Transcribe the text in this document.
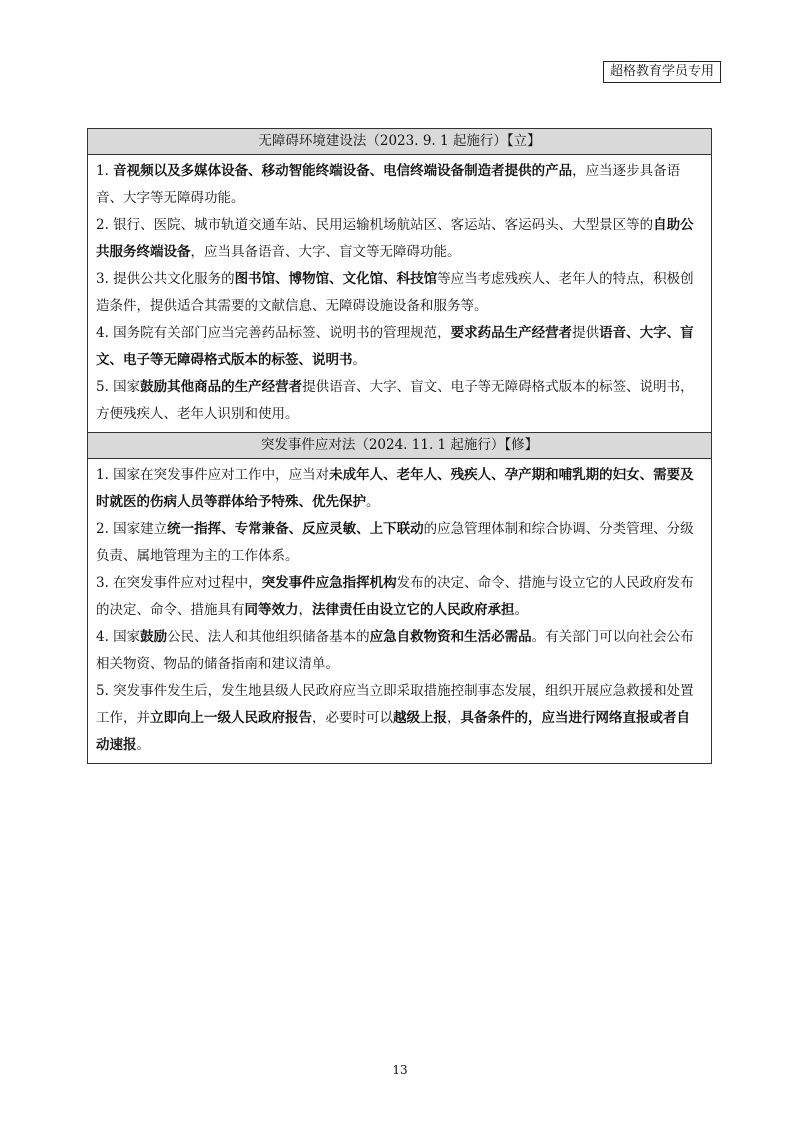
超格教育学员专用
无障碍环境建设法（2023. 9. 1 起施行）【立】

1. 音视频以及多媒体设备、移动智能终端设备、电信终端设备制造者提供的产品，应当逐步具备语音、大字等无障碍功能。

2. 银行、医院、城市轨道交通车站、民用运输机场航站区、客运站、客运码头、大型景区等的自助公共服务终端设备，应当具备语音、大字、盲文等无障碍功能。

3. 提供公共文化服务的图书馆、博物馆、文化馆、科技馆等应当考虑残疾人、老年人的特点，积极创造条件，提供适合其需要的文献信息、无障碍设施设备和服务等。

4. 国务院有关部门应当完善药品标签、说明书的管理规范，要求药品生产经营者提供语音、大字、盲文、电子等无障碍格式版本的标签、说明书。

5. 国家鼓励其他商品的生产经营者提供语音、大字、盲文、电子等无障碍格式版本的标签、说明书，方便残疾人、老年人识别和使用。

突发事件应对法（2024. 11. 1 起施行）【修】

1. 国家在突发事件应对工作中，应当对未成年人、老年人、残疾人、孕产期和哺乳期的妇女、需要及时就医的伤病人员等群体给予特殊、优先保护。

2. 国家建立统一指挥、专常兼备、反应灵敏、上下联动的应急管理体制和综合协调、分类管理、分级负责、属地管理为主的工作体系。

3. 在突发事件应对过程中，突发事件应急指挥机构发布的决定、命令、措施与设立它的人民政府发布的决定、命令、措施具有同等效力，法律责任由设立它的人民政府承担。

4. 国家鼓励公民、法人和其他组织储备基本的应急自救物资和生活必需品。有关部门可以向社会公布相关物资、物品的储备指南和建议清单。

5. 突发事件发生后，发生地县级人民政府应当立即采取措施控制事态发展，组织开展应急救援和处置工作，并立即向上一级人民政府报告，必要时可以越级上报，具备条件的，应当进行网络直报或者自动速报。

13
